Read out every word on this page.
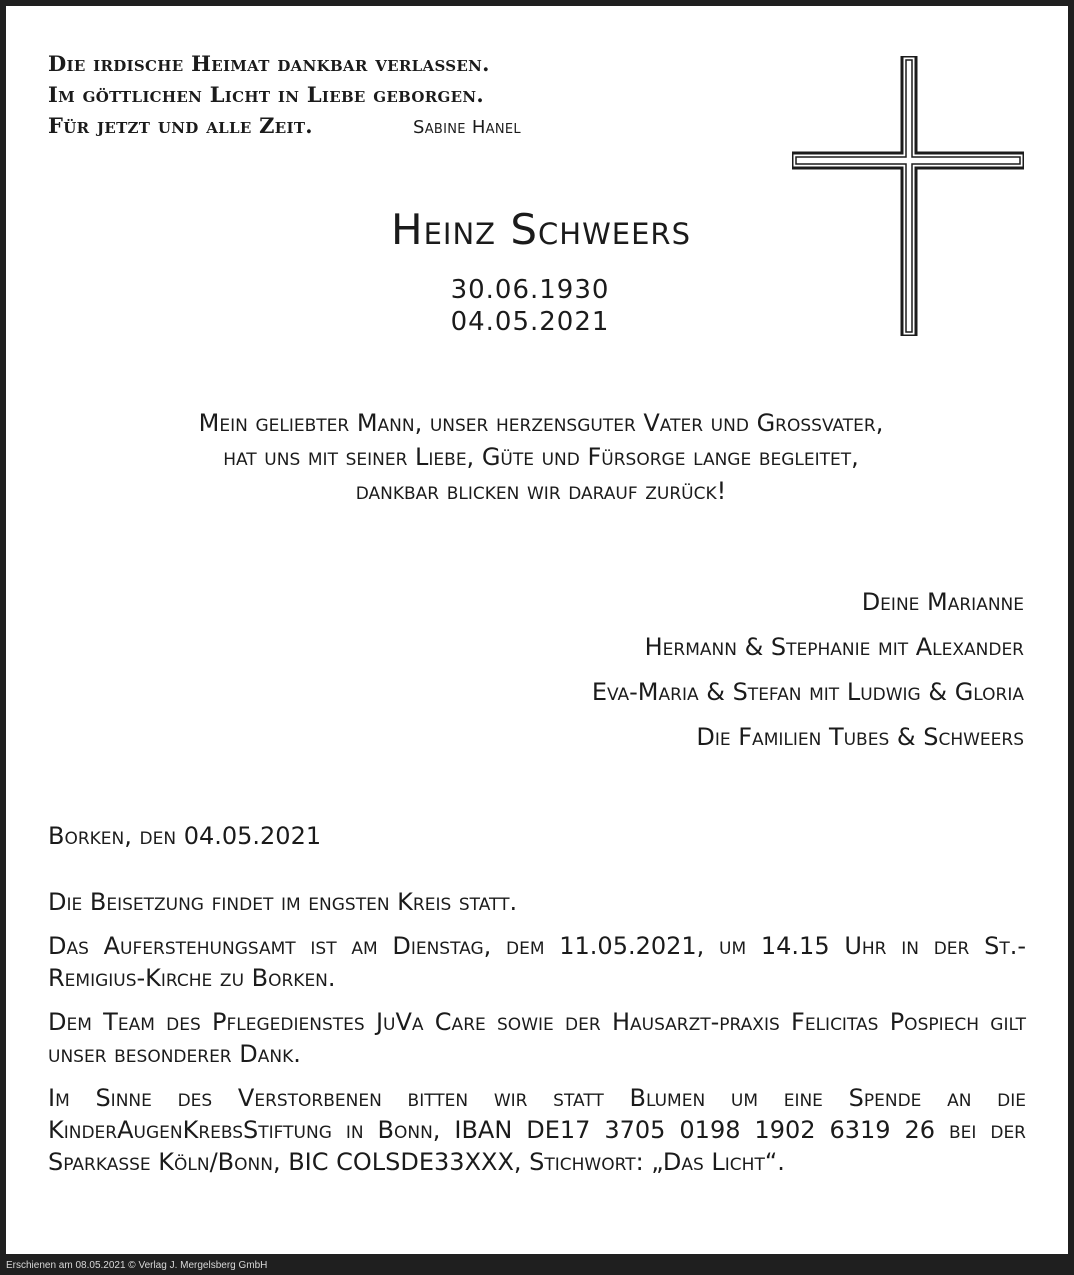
Die irdische Heimat dankbar verlassen.
Im göttlichen Licht in Liebe geborgen.
Für jetzt und alle Zeit.	Sabine Hanel
Heinz Schweers
30.06.1930
04.05.2021
Mein geliebter Mann, unser herzensguter Vater und Grossvater,
hat uns mit seiner Liebe, Güte und Fürsorge lange begleitet,
dankbar blicken wir darauf zurück!
Deine Marianne
Hermann & Stephanie mit Alexander
Eva-Maria & Stefan mit Ludwig & Gloria
Die Familien Tubes & Schweers
Borken, den 04.05.2021

Die Beisetzung findet im engsten Kreis statt.

Das Auferstehungsamt ist am Dienstag, dem 11.05.2021, um 14.15 Uhr in der St.-Remigius-Kirche zu Borken.

Dem Team des Pflegedienstes JuVa Care sowie der Hausarzt-praxis Felicitas Pospiech gilt unser besonderer Dank.

Im Sinne des Verstorbenen bitten wir statt Blumen um eine Spende an die KinderAugenKrebsStiftung in Bonn, IBAN DE17 3705 0198 1902 6319 26 bei der Sparkasse Köln/Bonn, BIC COLSDE33XXX, Stichwort: „Das Licht“.

Erschienen am 08.05.2021 © Verlag J. Mergelsberg GmbH
